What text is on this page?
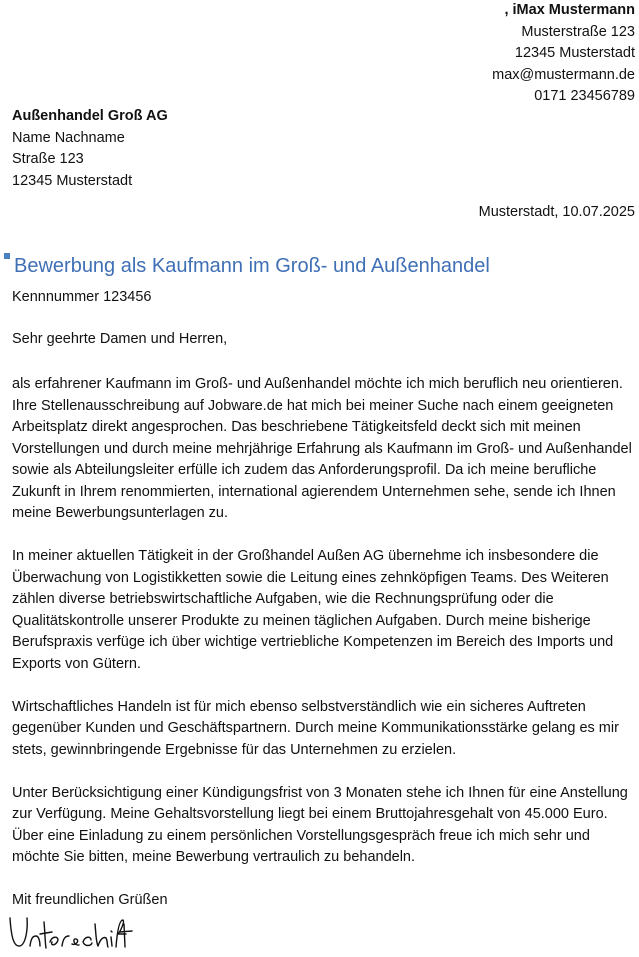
, iMax Mustermann
Musterstraße 123
12345 Musterstadt
max@mustermann.de
0171 23456789
Außenhandel Groß AG
Name Nachname
Straße 123
12345 Musterstadt
Musterstadt, 10.07.2025
Bewerbung als Kaufmann im Groß- und Außenhandel
Kennnummer 123456
Sehr geehrte Damen und Herren,

als erfahrener Kaufmann im Groß- und Außenhandel möchte ich mich beruflich neu orientieren. Ihre Stellenausschreibung auf Jobware.de hat mich bei meiner Suche nach einem geeigneten Arbeitsplatz direkt angesprochen. Das beschriebene Tätigkeitsfeld deckt sich mit meinen Vorstellungen und durch meine mehrjährige Erfahrung als Kaufmann im Groß- und Außenhandel sowie als Abteilungsleiter erfülle ich zudem das Anforderungsprofil. Da ich meine berufliche Zukunft in Ihrem renommierten, international agierendem Unternehmen sehe, sende ich Ihnen meine Bewerbungsunterlagen zu.

In meiner aktuellen Tätigkeit in der Großhandel Außen AG übernehme ich insbesondere die Überwachung von Logistikketten sowie die Leitung eines zehnköpfigen Teams. Des Weiteren zählen diverse betriebswirtschaftliche Aufgaben, wie die Rechnungsprüfung oder die Qualitätskontrolle unserer Produkte zu meinen täglichen Aufgaben. Durch meine bisherige Berufspraxis verfüge ich über wichtige vertriebliche Kompetenzen im Bereich des Imports und Exports von Gütern.

Wirtschaftliches Handeln ist für mich ebenso selbstverständlich wie ein sicheres Auftreten gegenüber Kunden und Geschäftspartnern. Durch meine Kommunikationsstärke gelang es mir stets, gewinnbringende Ergebnisse für das Unternehmen zu erzielen.

Unter Berücksichtigung einer Kündigungsfrist von 3 Monaten stehe ich Ihnen für eine Anstellung zur Verfügung. Meine Gehaltsvorstellung liegt bei einem Bruttojahresgehalt von 45.000 Euro. Über eine Einladung zu einem persönlichen Vorstellungsgespräch freue ich mich sehr und möchte Sie bitten, meine Bewerbung vertraulich zu behandeln.

Mit freundlichen Grüßen
